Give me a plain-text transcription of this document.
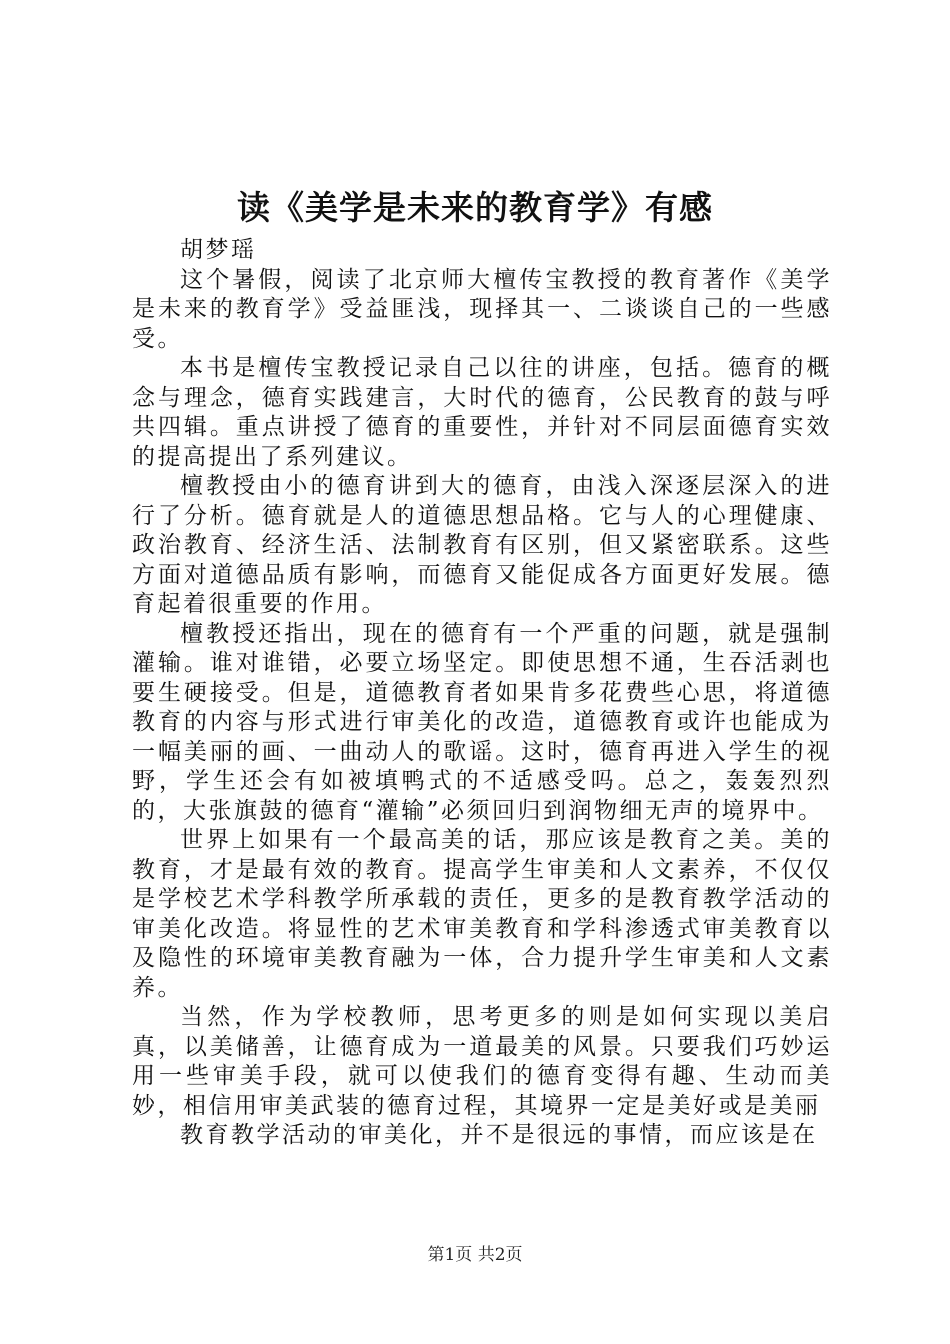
读《美学是未来的教育学》有感

胡梦瑶

这个暑假，阅读了北京师大檀传宝教授的教育著作《美学是未来的教育学》受益匪浅，现择其一、二谈谈自己的一些感受。

本书是檀传宝教授记录自己以往的讲座，包括。德育的概念与理念，德育实践建言，大时代的德育，公民教育的鼓与呼共四辑。重点讲授了德育的重要性，并针对不同层面德育实效的提高提出了系列建议。

檀教授由小的德育讲到大的德育，由浅入深逐层深入的进行了分析。德育就是人的道德思想品格。它与人的心理健康、政治教育、经济生活、法制教育有区别，但又紧密联系。这些方面对道德品质有影响，而德育又能促成各方面更好发展。德育起着很重要的作用。

檀教授还指出，现在的德育有一个严重的问题，就是强制灌输。谁对谁错，必要立场坚定。即使思想不通，生吞活剥也要生硬接受。但是，道德教育者如果肯多花费些心思，将道德教育的内容与形式进行审美化的改造，道德教育或许也能成为一幅美丽的画、一曲动人的歌谣。这时，德育再进入学生的视野，学生还会有如被填鸭式的不适感受吗。总之，轰轰烈烈的，大张旗鼓的德育“灌输”必须回归到润物细无声的境界中。

世界上如果有一个最高美的话，那应该是教育之美。美的教育，才是最有效的教育。提高学生审美和人文素养，不仅仅是学校艺术学科教学所承载的责任，更多的是教育教学活动的审美化改造。将显性的艺术审美教育和学科渗透式审美教育以及隐性的环境审美教育融为一体，合力提升学生审美和人文素养。

当然，作为学校教师，思考更多的则是如何实现以美启真，以美储善，让德育成为一道最美的风景。只要我们巧妙运用一些审美手段，就可以使我们的德育变得有趣、生动而美妙，相信用审美武装的德育过程，其境界一定是美好或是美丽

教育教学活动的审美化，并不是很远的事情，而应该是在

第1页 共2页
